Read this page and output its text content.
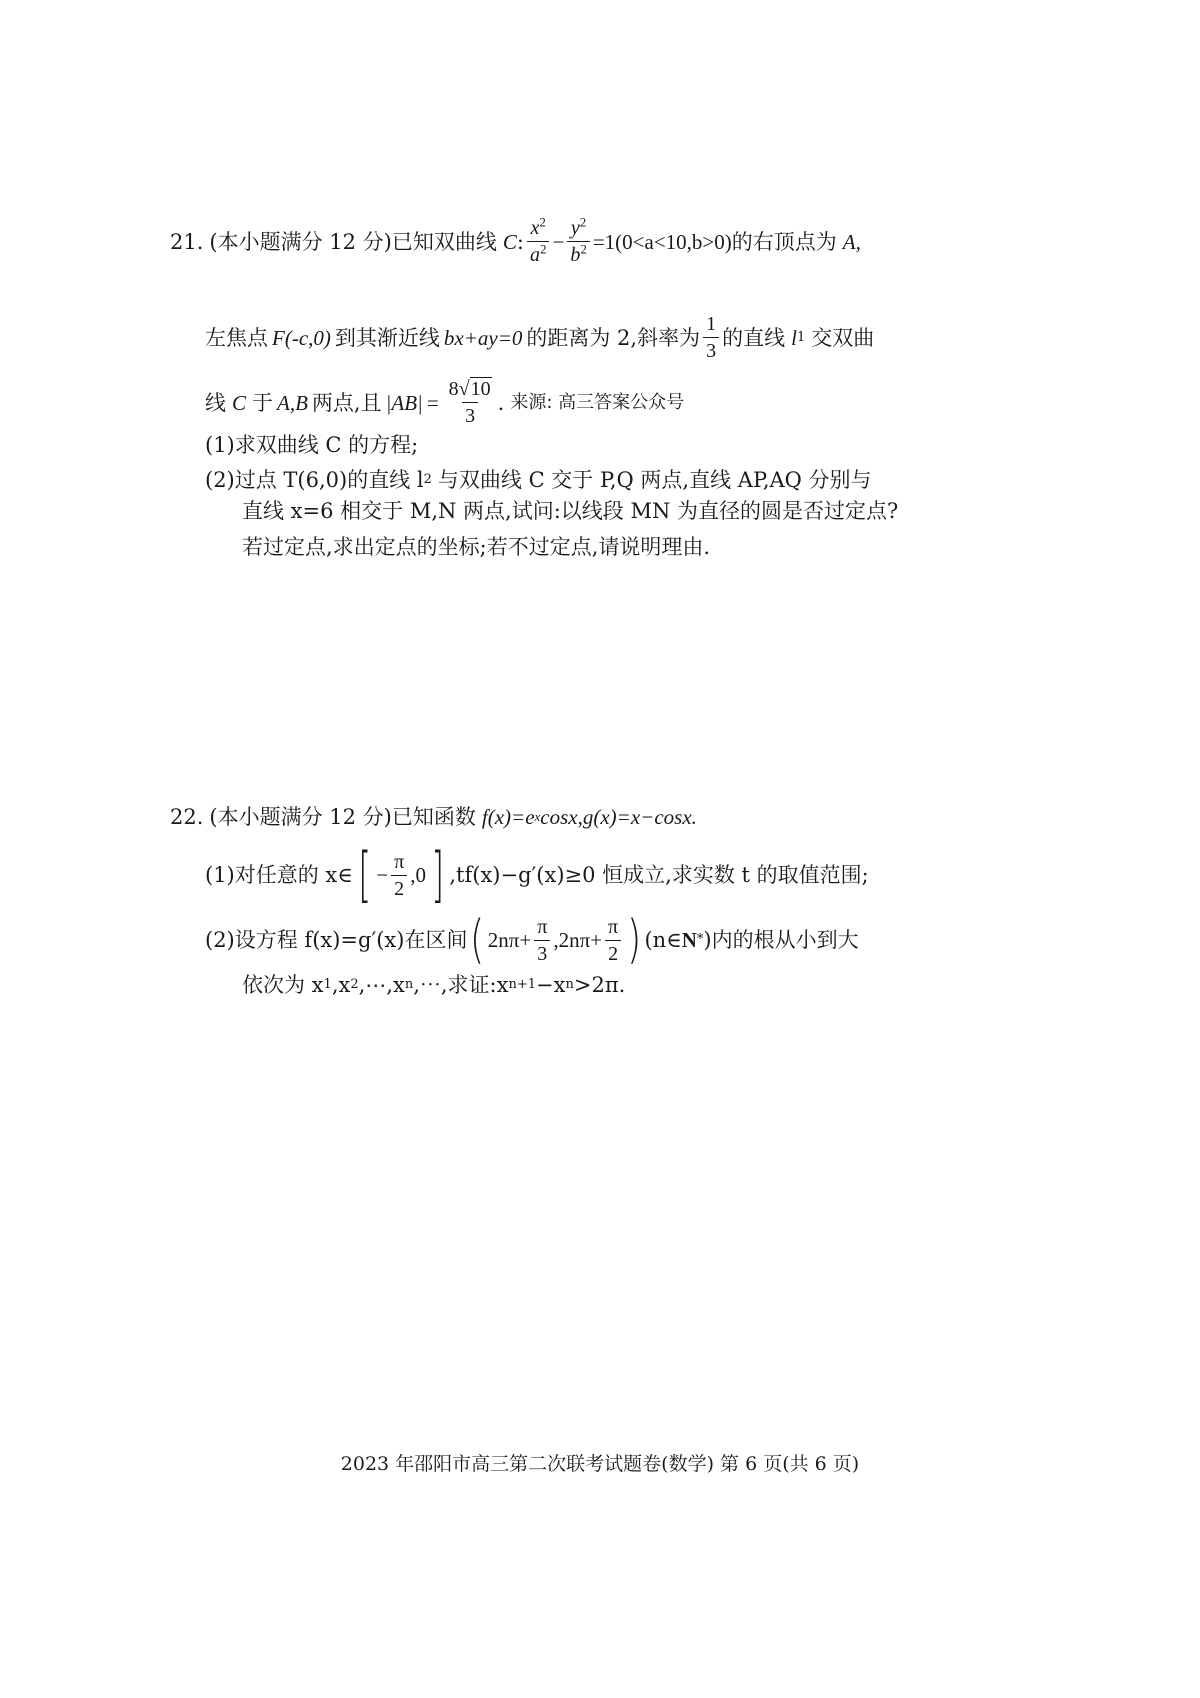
21. (本小题满分 12 分)已知双曲线 C : $\frac{x^2}{a^2} - \frac{y^2}{b^2} =1(0<a<10,b>0)$的右顶点为 A,
左焦点 F(-c,0) 到其渐近线 bx+ay=0 的距离为 2,斜率为 $\frac{1}{3}$ 的直线 l 1 交双曲
线 C 于 A,B 两点,且 $|AB| = \frac{8√10}{3}$ . 来源: 高三答案公众号
(1)求双曲线 C 的方程;
(2)过点 T(6,0)的直线 l 2 与双曲线 C 交于 P,Q 两点,直线 AP,AQ 分别与
直线 x=6 相交于 M,N 两点,试问:以线段 MN 为直径的圆是否过定点?
若过定点,求出定点的坐标;若不过定点,请说明理由.
22. (本小题满分 12 分)已知函数 f(x)=e x cosx,g(x)=x−cosx.
(1)对任意的 x∈ [ − $\frac{\pi}{2} ,0$ ] ,tf(x)−g′(x)≥0 恒成立,求实数 t 的取值范围;
(2)设方程 f(x)=g′(x)在区间 ( $2n\pi+ \frac{\pi}{3} ,2n\pi+ \frac{\pi}{2}$ ) (n∈ N * )内的根从小到大
依次为 x 1 ,x 2 ,⋯,x n ,⋯,求证:x n+1 −x n >2π.
2023 年邵阳市高三第二次联考试题卷(数学) 第 6 页(共 6 页)
